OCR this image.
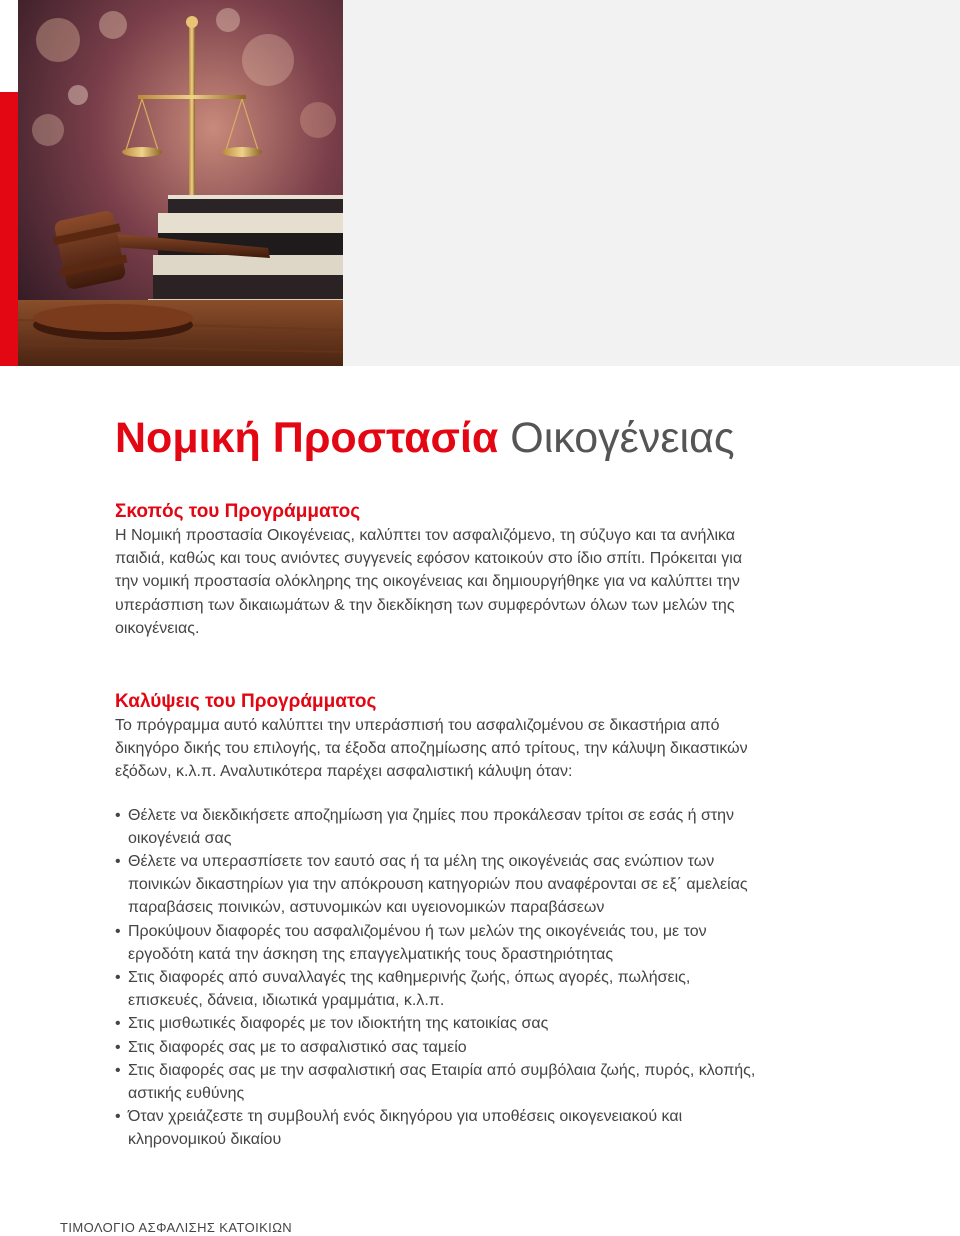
Νομική Προστασία Οικογένειας
Σκοπός του Προγράμματος

Η Νομική προστασία Οικογένειας, καλύπτει τον ασφαλιζόμενο, τη σύζυγο και τα ανήλικα παιδιά, καθώς και τους ανιόντες συγγενείς εφόσον κατοικούν στο ίδιο σπίτι. Πρόκειται για την νομική προστασία ολόκληρης της οικογένειας και δημιουργήθηκε για να καλύπτει την υπεράσπιση των δικαιωμάτων & την διεκδίκηση των συμφερόντων όλων των μελών της οικογένειας.

Καλύψεις του Προγράμματος

Το πρόγραμμα αυτό καλύπτει την υπεράσπισή του ασφαλιζομένου σε δικαστήρια από δικηγόρο δικής του επιλογής, τα έξοδα αποζημίωσης από τρίτους, την κάλυψη δικαστικών εξόδων, κ.λ.π. Αναλυτικότερα παρέχει ασφαλιστική κάλυψη όταν:

• Θέλετε να διεκδικήσετε αποζημίωση για ζημίες που προκάλεσαν τρίτοι σε εσάς ή στην οικογένειά σας
• Θέλετε να υπερασπίσετε τον εαυτό σας ή τα μέλη της οικογένειάς σας ενώπιον των ποινικών δικαστηρίων για την απόκρουση κατηγοριών που αναφέρονται σε εξ΄ αμελείας παραβάσεις ποινικών, αστυνομικών και υγειονομικών παραβάσεων
• Προκύψουν διαφορές του ασφαλιζομένου ή των μελών της οικογένειάς του, με τον εργοδότη κατά την άσκηση της επαγγελματικής τους δραστηριότητας
• Στις διαφορές από συναλλαγές της καθημερινής ζωής, όπως αγορές, πωλήσεις, επισκευές, δάνεια, ιδιωτικά γραμμάτια, κ.λ.π.
• Στις μισθωτικές διαφορές με τον ιδιοκτήτη της κατοικίας σας
• Στις διαφορές σας με το ασφαλιστικό σας ταμείο
• Στις διαφορές σας με την ασφαλιστική σας Εταιρία από συμβόλαια ζωής, πυρός, κλοπής, αστικής ευθύνης
• Όταν χρειάζεστε τη συμβουλή ενός δικηγόρου για υποθέσεις οικογενειακού και κληρονομικού δικαίου
ΤΙΜΟΛΟΓΙΟ ΑΣΦΑΛΙΣΗΣ ΚΑΤΟΙΚΙΩΝ
